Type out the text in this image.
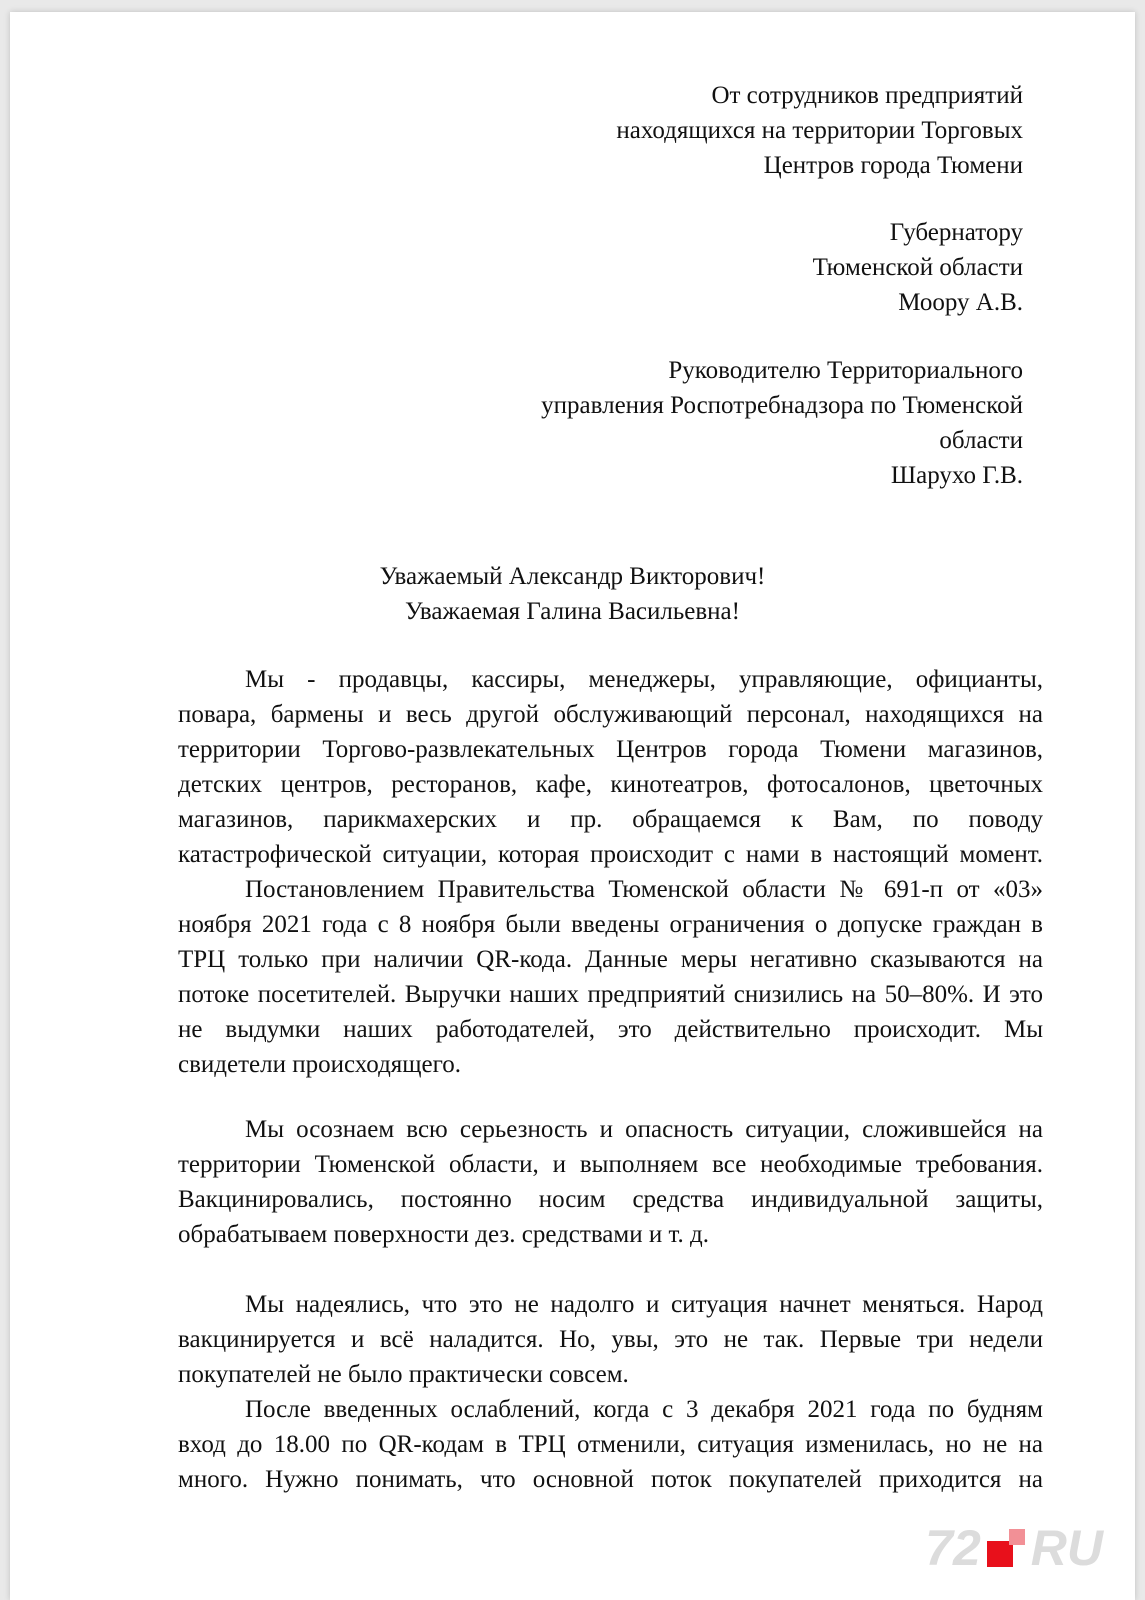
От сотрудников предприятий
находящихся на территории Торговых
Центров города Тюмени
Губернатору
Тюменской области
Моору А.В.
Руководителю Территориального
управления Роспотребнадзора по Тюменской
области
Шарухо Г.В.
Уважаемый Александр Викторович!
Уважаемая Галина Васильевна!
Мы - продавцы, кассиры, менеджеры, управляющие, официанты,
повара, бармены и весь другой обслуживающий персонал, находящихся на
территории Торгово-развлекательных Центров города Тюмени магазинов,
детских центров, ресторанов, кафе, кинотеатров, фотосалонов, цветочных
магазинов, парикмахерских и пр. обращаемся к Вам, по поводу
катастрофической ситуации, которая происходит с нами в настоящий момент.
Постановлением Правительства Тюменской области № 691-п от «03»
ноября 2021 года с 8 ноября были введены ограничения о допуске граждан в
ТРЦ только при наличии QR-кода. Данные меры негативно сказываются на
потоке посетителей. Выручки наших предприятий снизились на 50–80%. И это
не выдумки наших работодателей, это действительно происходит. Мы
свидетели происходящего.
Мы осознаем всю серьезность и опасность ситуации, сложившейся на
территории Тюменской области, и выполняем все необходимые требования.
Вакцинировались, постоянно носим средства индивидуальной защиты,
обрабатываем поверхности дез. средствами и т. д.
Мы надеялись, что это не надолго и ситуация начнет меняться. Народ
вакцинируется и всё наладится. Но, увы, это не так. Первые три недели
покупателей не было практически совсем.
После введенных ослаблений, когда с 3 декабря 2021 года по будням
вход до 18.00 по QR-кодам в ТРЦ отменили, ситуация изменилась, но не на
много. Нужно понимать, что основной поток покупателей приходится на
72 RU
